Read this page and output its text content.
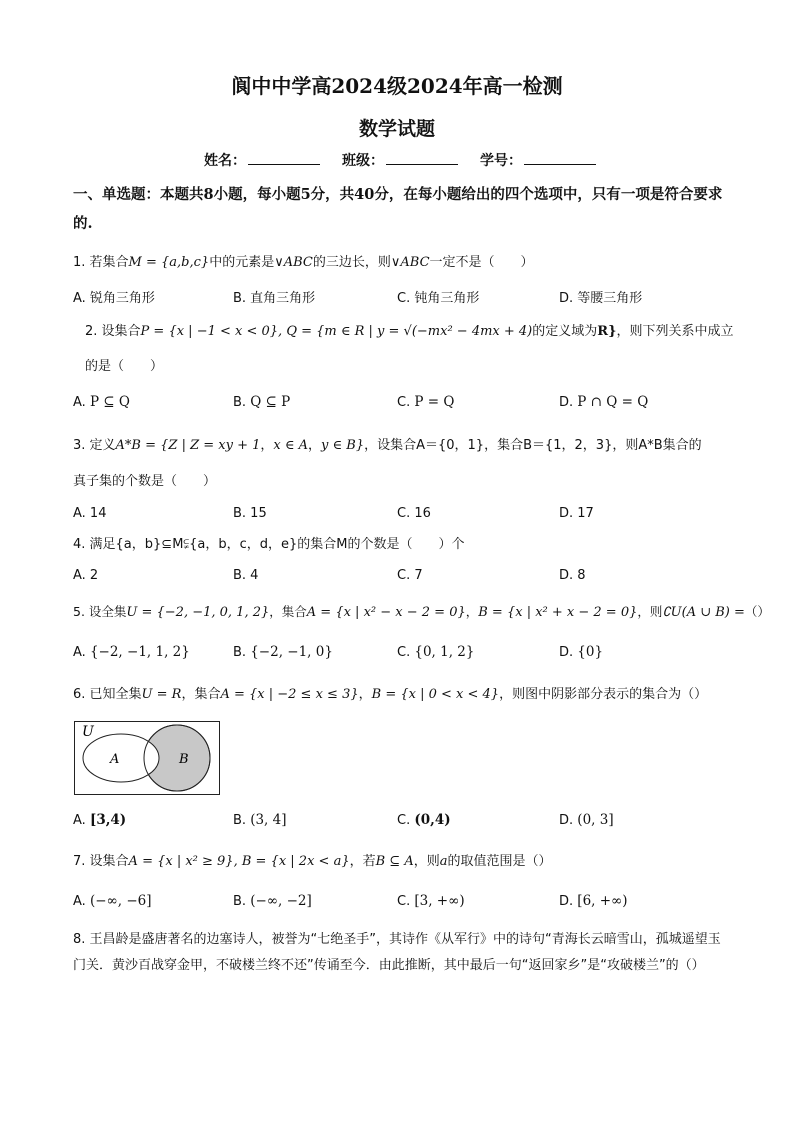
阆中中学高2024级2024年高一检测
数学试题
姓名：	班级：	学号：
一、单选题：本题共8小题，每小题5分，共40分，在每小题给出的四个选项中，只有一项是符合要求的.
1. 若集合M = {a,b,c}中的元素是∨ABC的三边长，则∨ABC一定不是（　　）
A. 锐角三角形	B. 直角三角形	C. 钝角三角形	D. 等腰三角形
2. 设集合P = {x | −1 < x < 0}, Q = {m ∈ R | y = √(−mx² − 4mx + 4)的定义域为R}，则下列关系中成立
的是（　　）
A. P ⊆ Q	B. Q ⊆ P	C. P = Q	D. P ∩ Q = Q
3. 定义A*B = {Z | Z = xy + 1，x ∈ A，y ∈ B}，设集合A＝{0，1}，集合B＝{1，2，3}，则A*B集合的
真子集的个数是（　　）
A. 14	B. 15	C. 16	D. 17
4. 满足{a，b}⊆M⫋{a，b，c，d，e}的集合M的个数是（　　）个
A. 2	B. 4	C. 7	D. 8
5. 设全集U = {−2, −1, 0, 1, 2}，集合A = {x | x² − x − 2 = 0}，B = {x | x² + x − 2 = 0}，则∁U(A ∪ B) =（）
A. {−2, −1, 1, 2}	B. {−2, −1, 0}	C. {0, 1, 2}	D. {0}
6. 已知全集U = R，集合A = {x | −2 ≤ x ≤ 3}，B = {x | 0 < x < 4}，则图中阴影部分表示的集合为（）
U
A	B
A. [3,4)	B. (3, 4]	C. (0,4)	D. (0, 3]
7. 设集合A = {x | x² ≥ 9}, B = {x | 2x < a}，若B ⊆ A，则a的取值范围是（）
A. (−∞, −6]	B. (−∞, −2]	C. [3, +∞)	D. [6, +∞)
8. 王昌龄是盛唐著名的边塞诗人，被誉为“七绝圣手”，其诗作《从军行》中的诗句“青海长云暗雪山，孤城遥望玉门关．黄沙百战穿金甲，不破楼兰终不还”传诵至今．由此推断，其中最后一句“返回家乡”是“攻破楼兰”的（）
